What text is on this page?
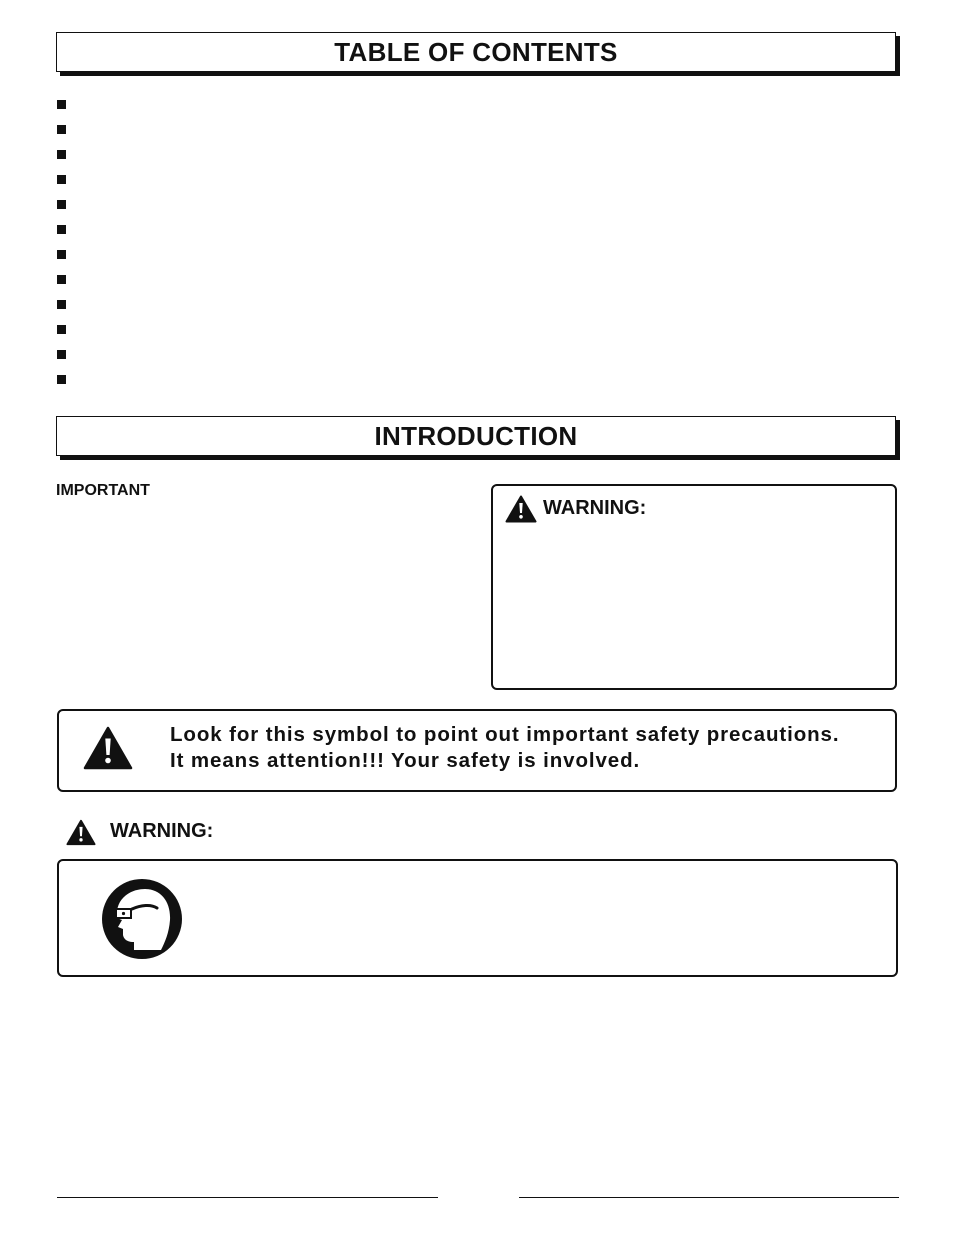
TABLE OF CONTENTS
INTRODUCTION
IMPORTANT
WARNING:
Look for this symbol to point out important safety precautions.
It means attention!!! Your safety is involved.
WARNING:
